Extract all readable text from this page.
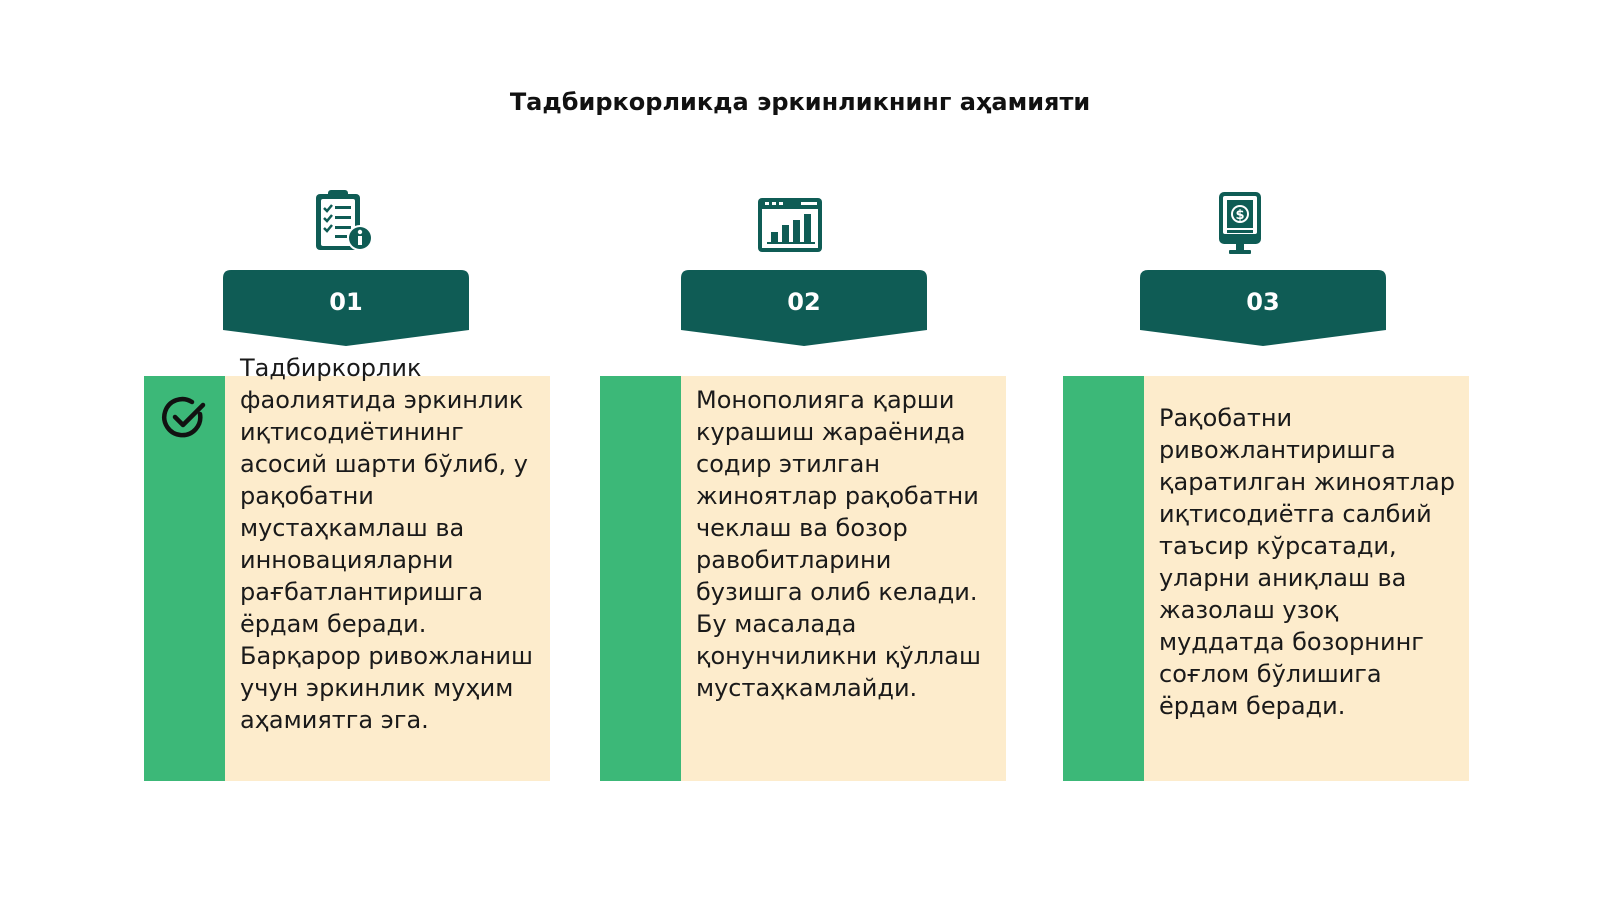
Тадбиркорликда эркинликнинг аҳамияти
$
01	02	03
Тадбиркорлик фаолиятида эркинлик иқтисодиётининг асосий шарти бўлиб, у рақобатни мустаҳкамлаш ва инновацияларни рағбатлантиришга ёрдам беради. Барқарор ривожланиш учун эркинлик муҳим аҳамиятга эга.
Монополияга қарши курашиш жараёнида содир этилган жиноятлар рақобатни чеклаш ва бозор равобитларини бузишга олиб келади. Бу масалада қонунчиликни қўллаш мустаҳкамлайди.
Рақобатни ривожлантиришга қаратилган жиноятлар иқтисодиётга салбий таъсир кўрсатади, уларни аниқлаш ва жазолаш узоқ муддатда бозорнинг соғлом бўлишига ёрдам беради.
